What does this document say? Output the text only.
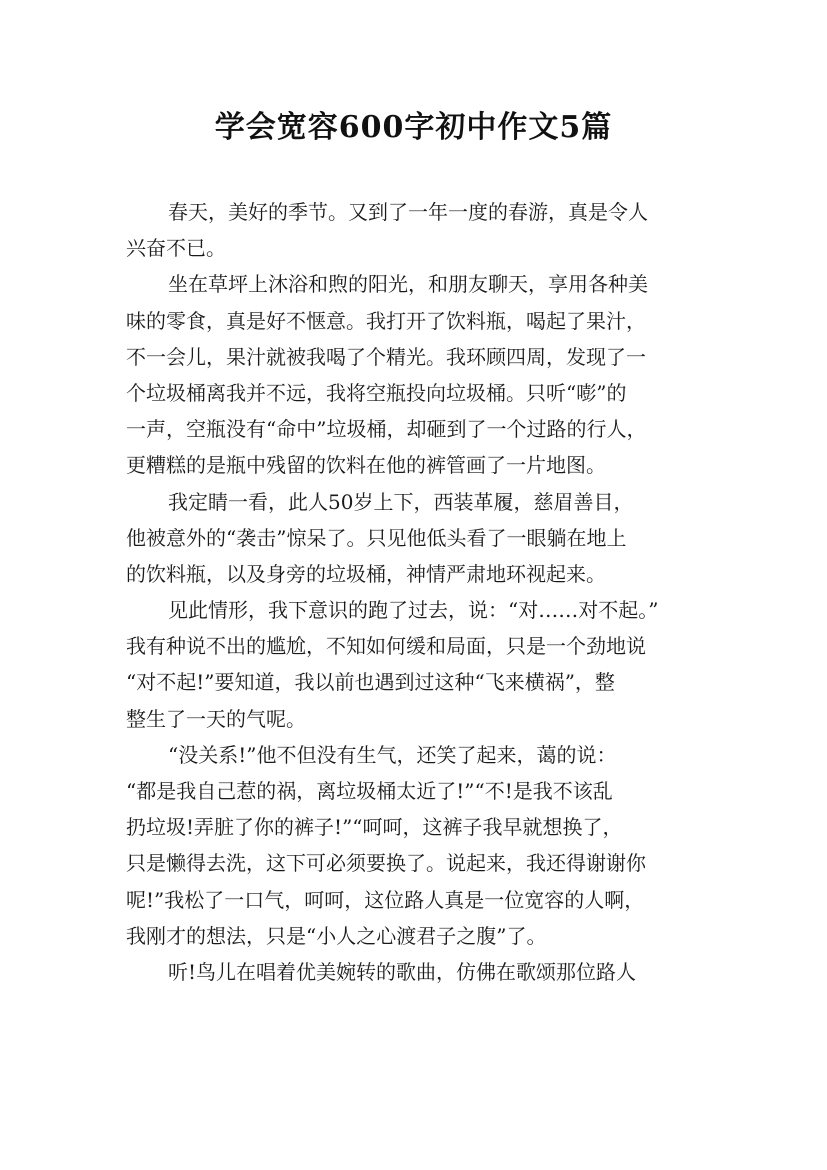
学会宽容600字初中作文5篇
春天，美好的季节。又到了一年一度的春游，真是令人
兴奋不已。
坐在草坪上沐浴和煦的阳光，和朋友聊天，享用各种美
味的零食，真是好不惬意。我打开了饮料瓶，喝起了果汁，
不一会儿，果汁就被我喝了个精光。我环顾四周，发现了一
个垃圾桶离我并不远，我将空瓶投向垃圾桶。只听“嘭”的
一声，空瓶没有“命中”垃圾桶，却砸到了一个过路的行人，
更糟糕的是瓶中残留的饮料在他的裤管画了一片地图。
我定睛一看，此人50岁上下，西装革履，慈眉善目，
他被意外的“袭击”惊呆了。只见他低头看了一眼躺在地上
的饮料瓶，以及身旁的垃圾桶，神情严肃地环视起来。
见此情形，我下意识的跑了过去，说：“对……对不起。”
我有种说不出的尴尬，不知如何缓和局面，只是一个劲地说
“对不起!”要知道，我以前也遇到过这种“飞来横祸”，整
整生了一天的气呢。
“没关系!”他不但没有生气，还笑了起来，蔼的说：
“都是我自己惹的祸，离垃圾桶太近了!”“不!是我不该乱
扔垃圾!弄脏了你的裤子!”“呵呵，这裤子我早就想换了，
只是懒得去洗，这下可必须要换了。说起来，我还得谢谢你
呢!”我松了一口气，呵呵，这位路人真是一位宽容的人啊，
我刚才的想法，只是“小人之心渡君子之腹”了。
听!鸟儿在唱着优美婉转的歌曲，仿佛在歌颂那位路人
